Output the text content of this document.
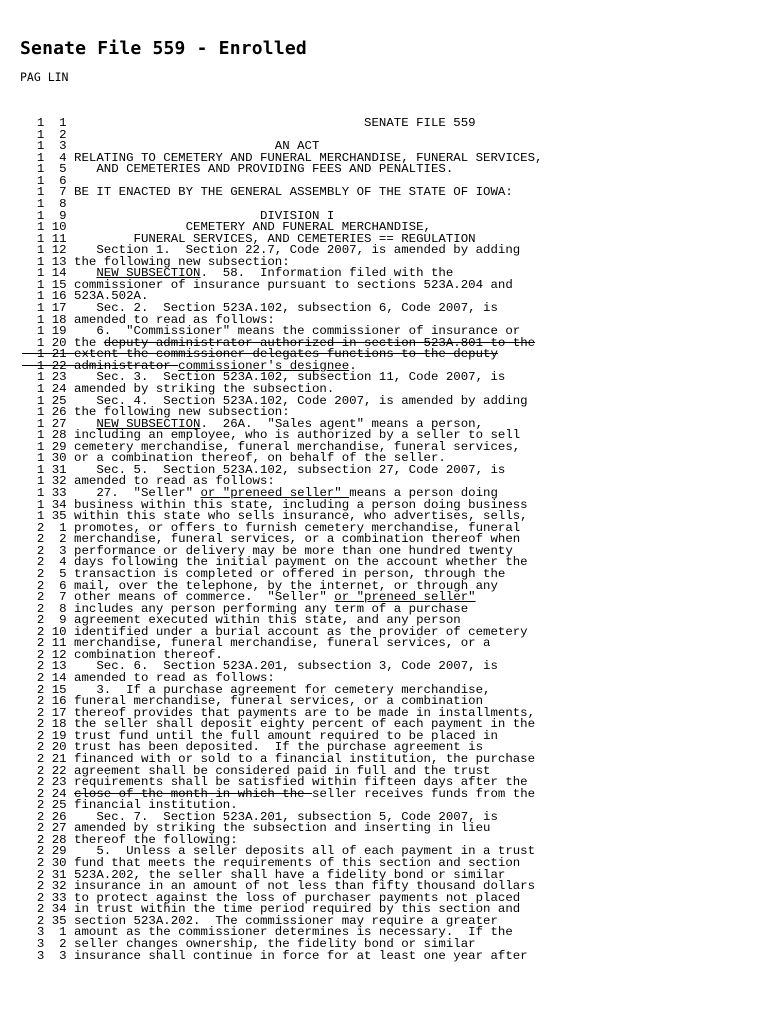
Senate File 559 - Enrolled
PAG LIN
1  1                                        SENATE FILE 559
1  2
1  3                            AN ACT
1  4 RELATING TO CEMETERY AND FUNERAL MERCHANDISE, FUNERAL SERVICES,
1  5    AND CEMETERIES AND PROVIDING FEES AND PENALTIES.
1  6
1  7 BE IT ENACTED BY THE GENERAL ASSEMBLY OF THE STATE OF IOWA:
1  8
1  9                          DIVISION I
1 10                CEMETERY AND FUNERAL MERCHANDISE,
1 11         FUNERAL SERVICES, AND CEMETERIES == REGULATION
1 12    Section 1.  Section 22.7, Code 2007, is amended by adding
1 13 the following new subsection:
1 14    NEW SUBSECTION.  58.  Information filed with the
1 15 commissioner of insurance pursuant to sections 523A.204 and
1 16 523A.502A.
1 17    Sec. 2.  Section 523A.102, subsection 6, Code 2007, is
1 18 amended to read as follows:
1 19    6.  "Commissioner" means the commissioner of insurance or
1 20 the deputy administrator authorized in section 523A.801 to the
1 21 extent the commissioner delegates functions to the deputy
1 22 administrator commissioner's designee.
1 23    Sec. 3.  Section 523A.102, subsection 11, Code 2007, is
1 24 amended by striking the subsection.
1 25    Sec. 4.  Section 523A.102, Code 2007, is amended by adding
1 26 the following new subsection:
1 27    NEW SUBSECTION.  26A.  "Sales agent" means a person,
1 28 including an employee, who is authorized by a seller to sell
1 29 cemetery merchandise, funeral merchandise, funeral services,
1 30 or a combination thereof, on behalf of the seller.
1 31    Sec. 5.  Section 523A.102, subsection 27, Code 2007, is
1 32 amended to read as follows:
1 33    27.  "Seller" or "preneed seller" means a person doing
1 34 business within this state, including a person doing business
1 35 within this state who sells insurance, who advertises, sells,
2  1 promotes, or offers to furnish cemetery merchandise, funeral
2  2 merchandise, funeral services, or a combination thereof when
2  3 performance or delivery may be more than one hundred twenty
2  4 days following the initial payment on the account whether the
2  5 transaction is completed or offered in person, through the
2  6 mail, over the telephone, by the internet, or through any
2  7 other means of commerce.  "Seller" or "preneed seller"
2  8 includes any person performing any term of a purchase
2  9 agreement executed within this state, and any person
2 10 identified under a burial account as the provider of cemetery
2 11 merchandise, funeral merchandise, funeral services, or a
2 12 combination thereof.
2 13    Sec. 6.  Section 523A.201, subsection 3, Code 2007, is
2 14 amended to read as follows:
2 15    3.  If a purchase agreement for cemetery merchandise,
2 16 funeral merchandise, funeral services, or a combination
2 17 thereof provides that payments are to be made in installments,
2 18 the seller shall deposit eighty percent of each payment in the
2 19 trust fund until the full amount required to be placed in
2 20 trust has been deposited.  If the purchase agreement is
2 21 financed with or sold to a financial institution, the purchase
2 22 agreement shall be considered paid in full and the trust
2 23 requirements shall be satisfied within fifteen days after the
2 24 close of the month in which the seller receives funds from the
2 25 financial institution.
2 26    Sec. 7.  Section 523A.201, subsection 5, Code 2007, is
2 27 amended by striking the subsection and inserting in lieu
2 28 thereof the following:
2 29    5.  Unless a seller deposits all of each payment in a trust
2 30 fund that meets the requirements of this section and section
2 31 523A.202, the seller shall have a fidelity bond or similar
2 32 insurance in an amount of not less than fifty thousand dollars
2 33 to protect against the loss of purchaser payments not placed
2 34 in trust within the time period required by this section and
2 35 section 523A.202.  The commissioner may require a greater
3  1 amount as the commissioner determines is necessary.  If the
3  2 seller changes ownership, the fidelity bond or similar
3  3 insurance shall continue in force for at least one year after
